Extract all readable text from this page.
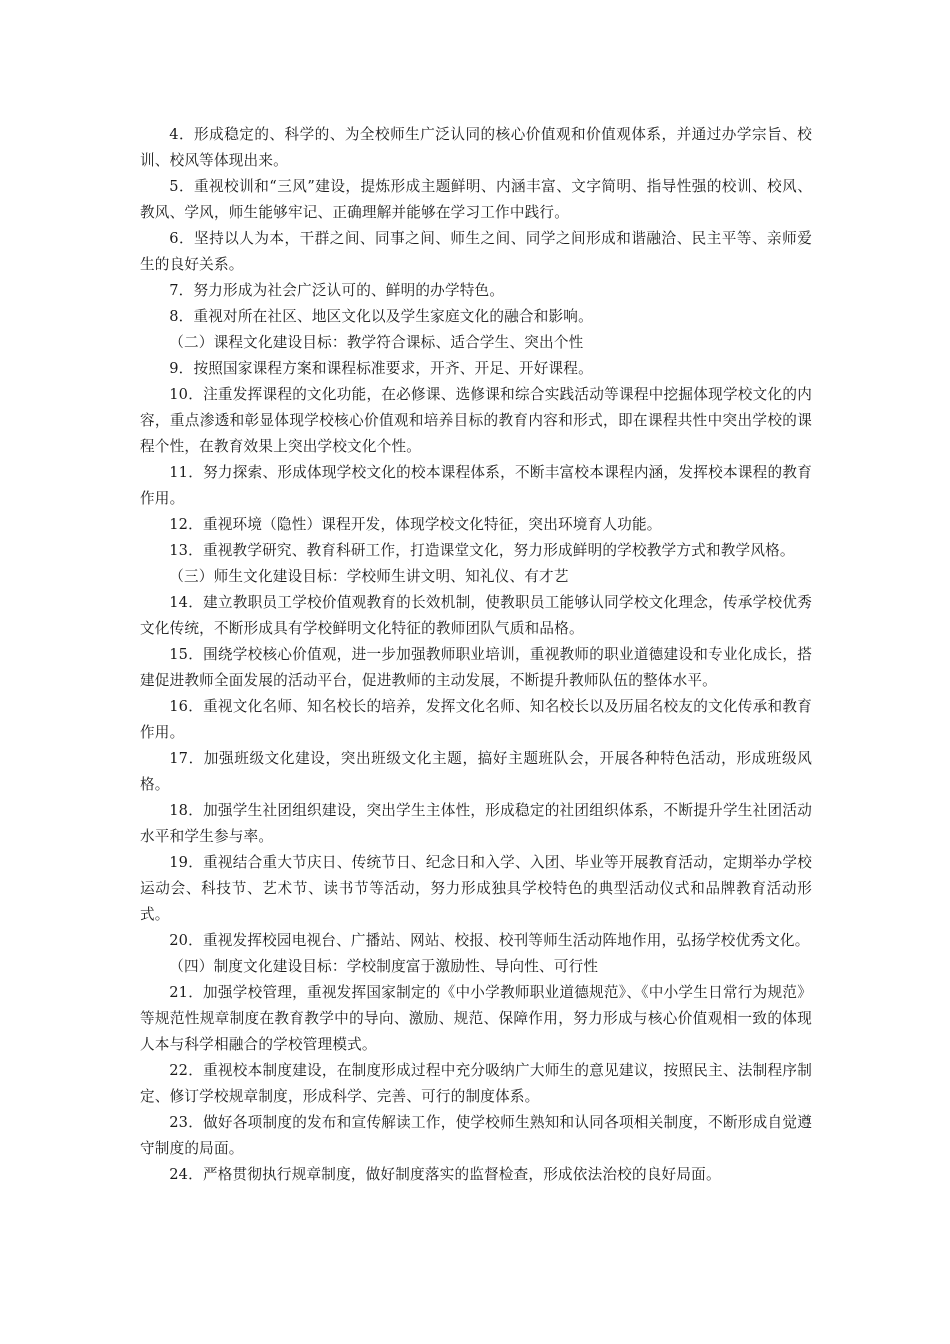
4．形成稳定的、科学的、为全校师生广泛认同的核心价值观和价值观体系，并通过办学宗旨、校训、校风等体现出来。

5．重视校训和“三风”建设，提炼形成主题鲜明、内涵丰富、文字简明、指导性强的校训、校风、教风、学风，师生能够牢记、正确理解并能够在学习工作中践行。

6．坚持以人为本，干群之间、同事之间、师生之间、同学之间形成和谐融洽、民主平等、亲师爱生的良好关系。

7．努力形成为社会广泛认可的、鲜明的办学特色。

8．重视对所在社区、地区文化以及学生家庭文化的融合和影响。

（二）课程文化建设目标：教学符合课标、适合学生、突出个性

9．按照国家课程方案和课程标准要求，开齐、开足、开好课程。

10．注重发挥课程的文化功能，在必修课、选修课和综合实践活动等课程中挖掘体现学校文化的内容，重点渗透和彰显体现学校核心价值观和培养目标的教育内容和形式，即在课程共性中突出学校的课程个性，在教育效果上突出学校文化个性。

11．努力探索、形成体现学校文化的校本课程体系，不断丰富校本课程内涵，发挥校本课程的教育作用。

12．重视环境（隐性）课程开发，体现学校文化特征，突出环境育人功能。

13．重视教学研究、教育科研工作，打造课堂文化，努力形成鲜明的学校教学方式和教学风格。

（三）师生文化建设目标：学校师生讲文明、知礼仪、有才艺

14．建立教职员工学校价值观教育的长效机制，使教职员工能够认同学校文化理念，传承学校优秀文化传统，不断形成具有学校鲜明文化特征的教师团队气质和品格。

15．围绕学校核心价值观，进一步加强教师职业培训，重视教师的职业道德建设和专业化成长，搭建促进教师全面发展的活动平台，促进教师的主动发展，不断提升教师队伍的整体水平。

16．重视文化名师、知名校长的培养，发挥文化名师、知名校长以及历届名校友的文化传承和教育作用。

17．加强班级文化建设，突出班级文化主题，搞好主题班队会，开展各种特色活动，形成班级风格。

18．加强学生社团组织建设，突出学生主体性，形成稳定的社团组织体系，不断提升学生社团活动水平和学生参与率。

19．重视结合重大节庆日、传统节日、纪念日和入学、入团、毕业等开展教育活动，定期举办学校运动会、科技节、艺术节、读书节等活动，努力形成独具学校特色的典型活动仪式和品牌教育活动形式。

20．重视发挥校园电视台、广播站、网站、校报、校刊等师生活动阵地作用，弘扬学校优秀文化。

（四）制度文化建设目标：学校制度富于激励性、导向性、可行性

21．加强学校管理，重视发挥国家制定的《中小学教师职业道德规范》、《中小学生日常行为规范》等规范性规章制度在教育教学中的导向、激励、规范、保障作用，努力形成与核心价值观相一致的体现人本与科学相融合的学校管理模式。

22．重视校本制度建设，在制度形成过程中充分吸纳广大师生的意见建议，按照民主、法制程序制定、修订学校规章制度，形成科学、完善、可行的制度体系。

23．做好各项制度的发布和宣传解读工作，使学校师生熟知和认同各项相关制度，不断形成自觉遵守制度的局面。

24．严格贯彻执行规章制度，做好制度落实的监督检查，形成依法治校的良好局面。
